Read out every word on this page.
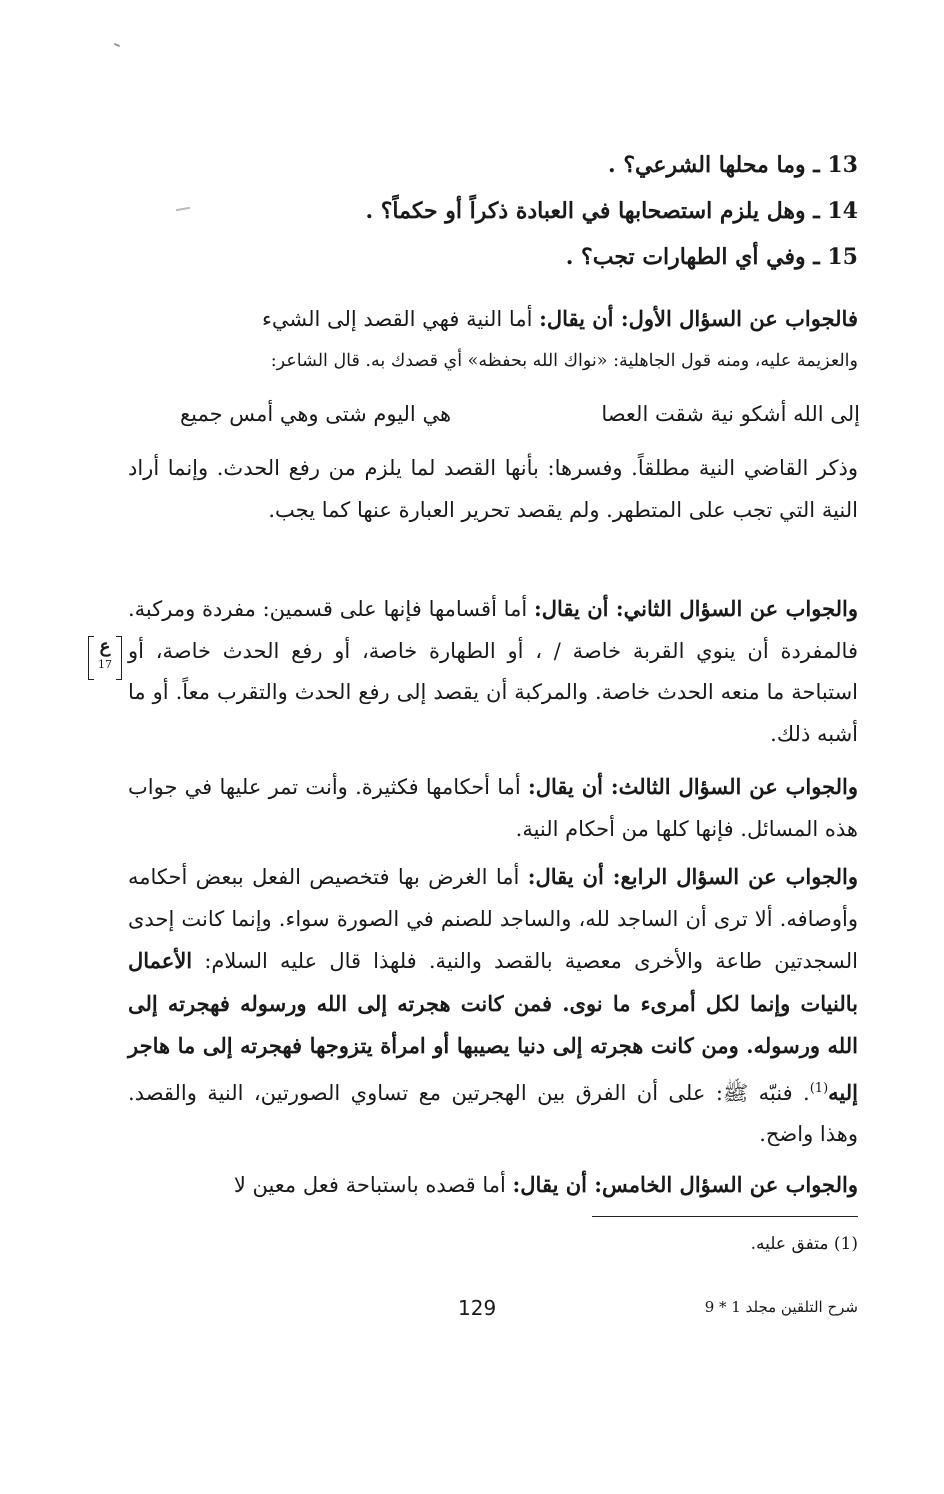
13 ـ وما محلها الشرعي؟ .
14 ـ وهل يلزم استصحابها في العبادة ذكراً أو حكماً؟ .
15 ـ وفي أي الطهارات تجب؟ .
فالجواب عن السؤال الأول: أن يقال: أما النية فهي القصد إلى الشيء
والعزيمة عليه، ومنه قول الجاهلية: «نواك الله بحفظه» أي قصدك به. قال الشاعر:
إلى الله أشكو نية شقت العصا
هي اليوم شتى وهي أمس جميع
وذكر القاضي النية مطلقاً. وفسرها: بأنها القصد لما يلزم من رفع الحدث. وإنما أراد النية التي تجب على المتطهر. ولم يقصد تحرير العبارة عنها كما يجب.
والجواب عن السؤال الثاني: أن يقال: أما أقسامها فإنها على قسمين: مفردة ومركبة. فالمفردة أن ينوي القربة خاصة / ، أو الطهارة خاصة، أو رفع الحدث خاصة، أو استباحة ما منعه الحدث خاصة. والمركبة أن يقصد إلى رفع الحدث والتقرب معاً. أو ما أشبه ذلك.
ع
17
والجواب عن السؤال الثالث: أن يقال: أما أحكامها فكثيرة. وأنت تمر عليها في جواب هذه المسائل. فإنها كلها من أحكام النية.
والجواب عن السؤال الرابع: أن يقال: أما الغرض بها فتخصيص الفعل ببعض أحكامه وأوصافه. ألا ترى أن الساجد لله، والساجد للصنم في الصورة سواء. وإنما كانت إحدى السجدتين طاعة والأخرى معصية بالقصد والنية. فلهذا قال عليه السلام: الأعمال بالنيات وإنما لكل أمرىء ما نوى. فمن كانت هجرته إلى الله ورسوله فهجرته إلى الله ورسوله. ومن كانت هجرته إلى دنيا يصيبها أو امرأة يتزوجها فهجرته إلى ما هاجر إليه$^{(1)}$. فنبّه ﷺ: على أن الفرق بين الهجرتين مع تساوي الصورتين، النية والقصد. وهذا واضح.
والجواب عن السؤال الخامس: أن يقال: أما قصده باستباحة فعل معين لا
(1) متفق عليه.
129	شرح التلقين مجلد 1 * 9
